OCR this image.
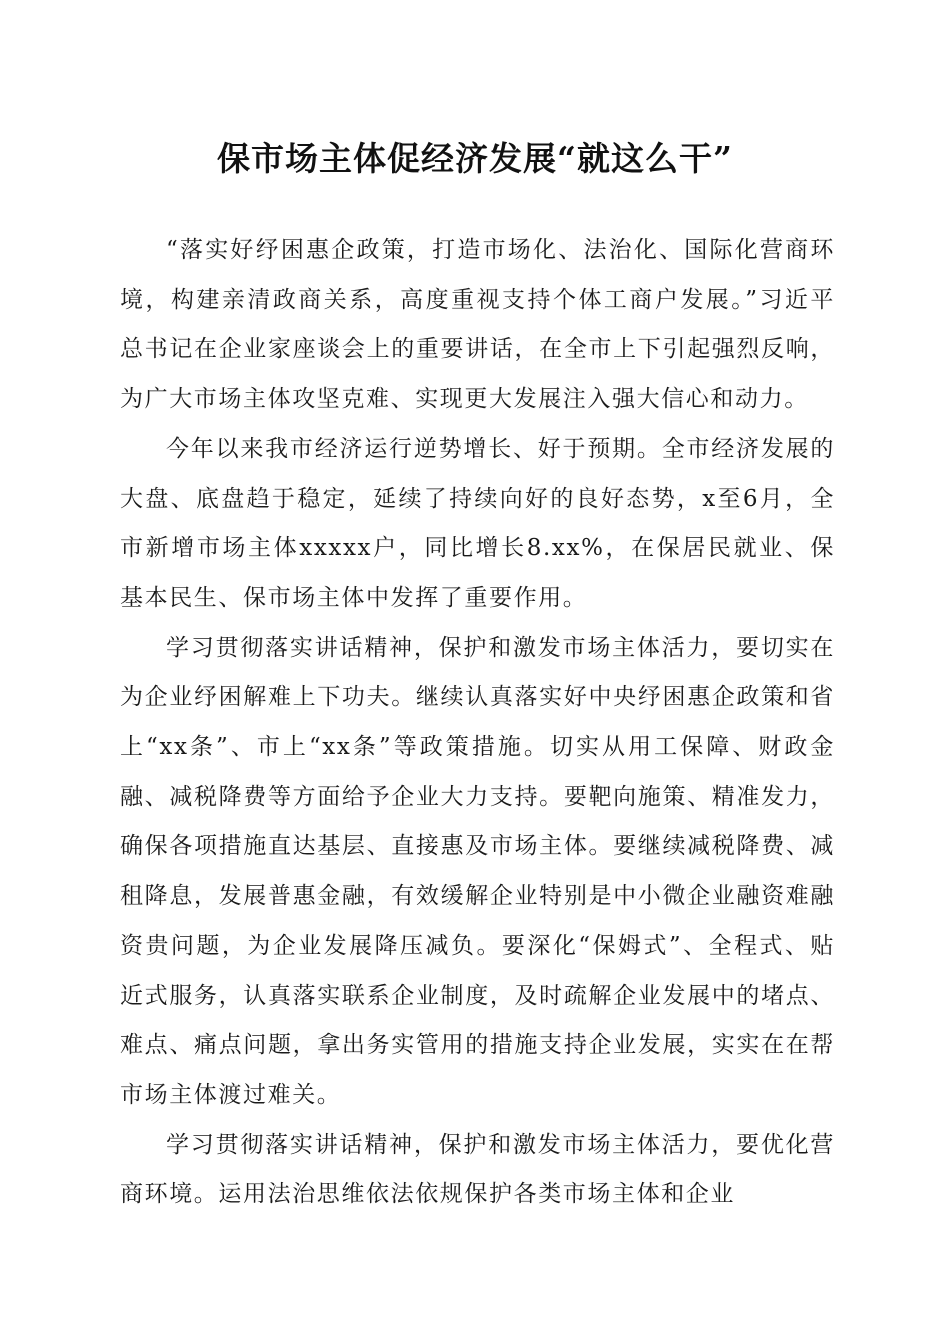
保市场主体促经济发展“就这么干”

“落实好纾困惠企政策，打造市场化、法治化、国际化营商环境，构建亲清政商关系，高度重视支持个体工商户发展。”习近平总书记在企业家座谈会上的重要讲话，在全市上下引起强烈反响，为广大市场主体攻坚克难、实现更大发展注入强大信心和动力。

今年以来我市经济运行逆势增长、好于预期。全市经济发展的大盘、底盘趋于稳定，延续了持续向好的良好态势，x至6月，全市新增市场主体xxxxx户，同比增长8.xx%，在保居民就业、保基本民生、保市场主体中发挥了重要作用。

学习贯彻落实讲话精神，保护和激发市场主体活力，要切实在为企业纾困解难上下功夫。继续认真落实好中央纾困惠企政策和省上“xx条”、市上“xx条”等政策措施。切实从用工保障、财政金融、减税降费等方面给予企业大力支持。要靶向施策、精准发力，确保各项措施直达基层、直接惠及市场主体。要继续减税降费、减租降息，发展普惠金融，有效缓解企业特别是中小微企业融资难融资贵问题，为企业发展降压减负。要深化“保姆式”、全程式、贴近式服务，认真落实联系企业制度，及时疏解企业发展中的堵点、难点、痛点问题，拿出务实管用的措施支持企业发展，实实在在帮市场主体渡过难关。

学习贯彻落实讲话精神，保护和激发市场主体活力，要优化营商环境。运用法治思维依法依规保护各类市场主体和企业
